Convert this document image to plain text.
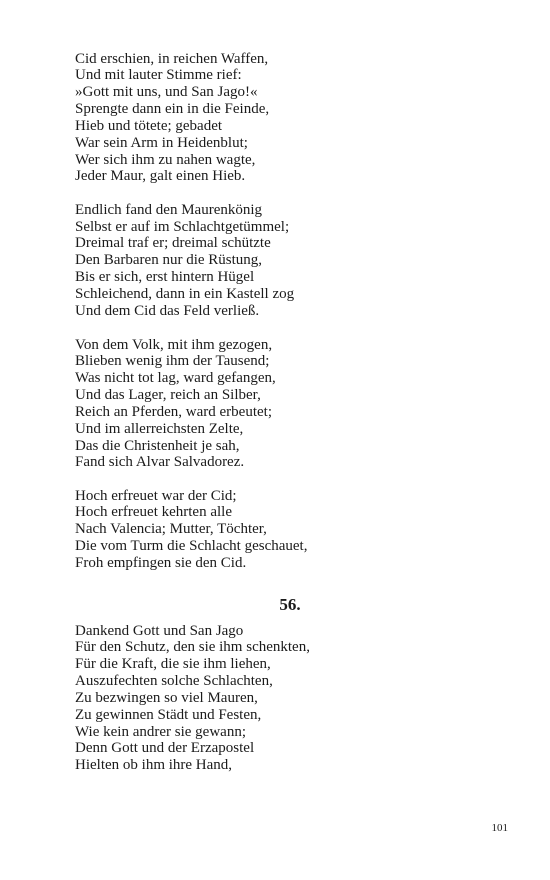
Cid erschien, in reichen Waffen,
Und mit lauter Stimme rief:
»Gott mit uns, und San Jago!«
Sprengte dann ein in die Feinde,
Hieb und tötete; gebadet
War sein Arm in Heidenblut;
Wer sich ihm zu nahen wagte,
Jeder Maur, galt einen Hieb.
Endlich fand den Maurenkönig
Selbst er auf im Schlachtgetümmel;
Dreimal traf er; dreimal schützte
Den Barbaren nur die Rüstung,
Bis er sich, erst hintern Hügel
Schleichend, dann in ein Kastell zog
Und dem Cid das Feld verließ.
Von dem Volk, mit ihm gezogen,
Blieben wenig ihm der Tausend;
Was nicht tot lag, ward gefangen,
Und das Lager, reich an Silber,
Reich an Pferden, ward erbeutet;
Und im allerreichsten Zelte,
Das die Christenheit je sah,
Fand sich Alvar Salvadorez.
Hoch erfreuet war der Cid;
Hoch erfreuet kehrten alle
Nach Valencia; Mutter, Töchter,
Die vom Turm die Schlacht geschauet,
Froh empfingen sie den Cid.
56.
Dankend Gott und San Jago
Für den Schutz, den sie ihm schenkten,
Für die Kraft, die sie ihm liehen,
Auszufechten solche Schlachten,
Zu bezwingen so viel Mauren,
Zu gewinnen Städt und Festen,
Wie kein andrer sie gewann;
Denn Gott und der Erzapostel
Hielten ob ihm ihre Hand,
101
